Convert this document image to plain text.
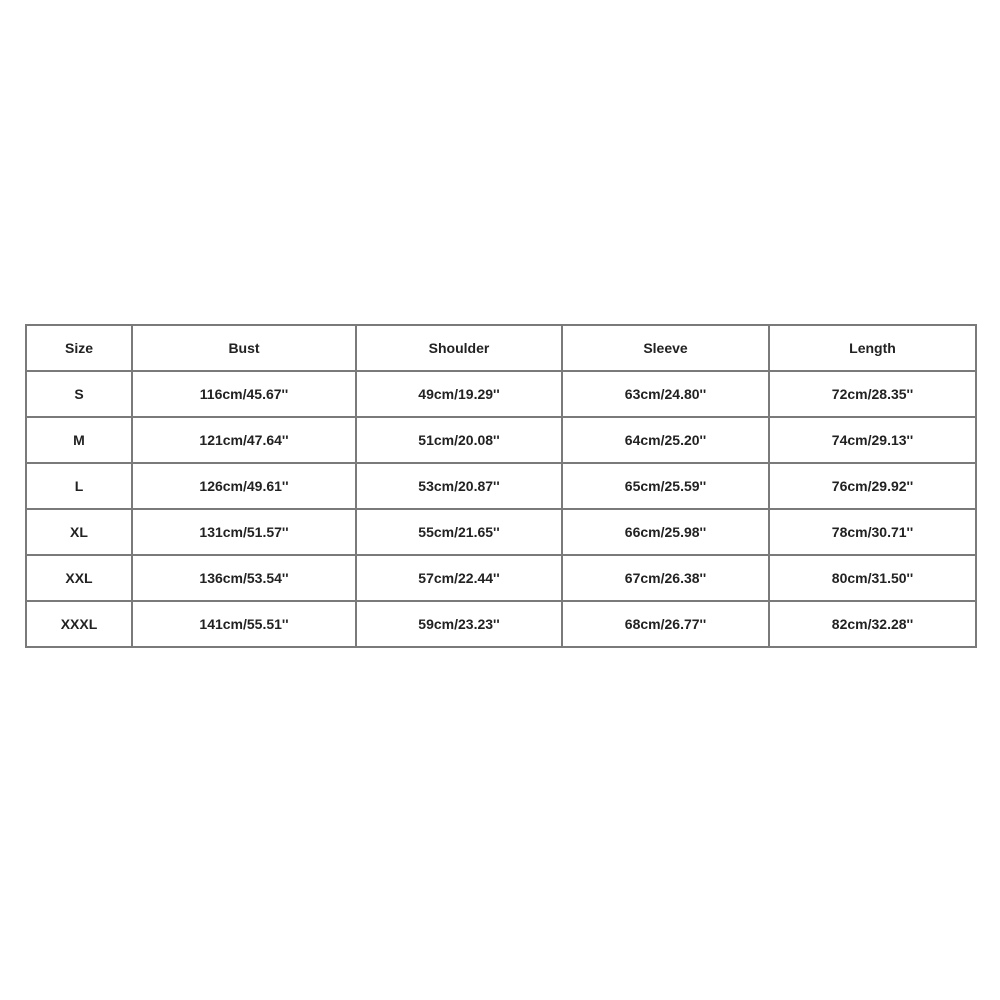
Size	Bust	Shoulder	Sleeve	Length
S	116cm/45.67''	49cm/19.29''	63cm/24.80''	72cm/28.35''
M	121cm/47.64''	51cm/20.08''	64cm/25.20''	74cm/29.13''
L	126cm/49.61''	53cm/20.87''	65cm/25.59''	76cm/29.92''
XL	131cm/51.57''	55cm/21.65''	66cm/25.98''	78cm/30.71''
XXL	136cm/53.54''	57cm/22.44''	67cm/26.38''	80cm/31.50''
XXXL	141cm/55.51''	59cm/23.23''	68cm/26.77''	82cm/32.28''
